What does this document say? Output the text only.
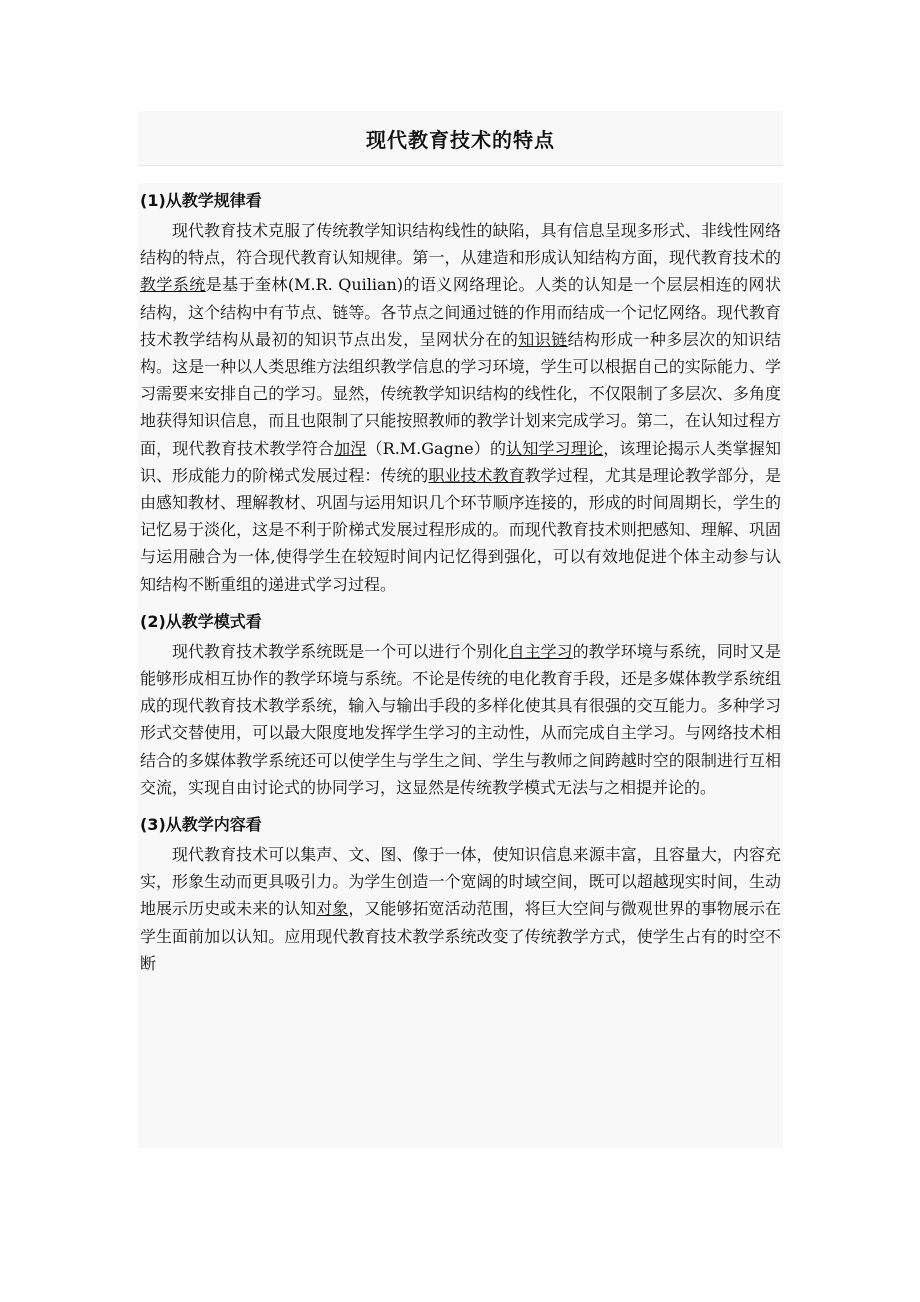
现代教育技术的特点
(1)从教学规律看

现代教育技术克服了传统教学知识结构线性的缺陷，具有信息呈现多形式、非线性网络结构的特点，符合现代教育认知规律。第一，从建造和形成认知结构方面，现代教育技术的教学系统是基于奎林(M.R. Quilian)的语义网络理论。人类的认知是一个层层相连的网状结构，这个结构中有节点、链等。各节点之间通过链的作用而结成一个记忆网络。现代教育技术教学结构从最初的知识节点出发，呈网状分在的知识链结构形成一种多层次的知识结构。这是一种以人类思维方法组织教学信息的学习环境，学生可以根据自己的实际能力、学习需要来安排自己的学习。显然，传统教学知识结构的线性化，不仅限制了多层次、多角度地获得知识信息，而且也限制了只能按照教师的教学计划来完成学习。第二，在认知过程方面，现代教育技术教学符合加涅（R.M.Gagne）的认知学习理论，该理论揭示人类掌握知识、形成能力的阶梯式发展过程：传统的职业技术教育教学过程，尤其是理论教学部分，是由感知教材、理解教材、巩固与运用知识几个环节顺序连接的，形成的时间周期长，学生的记忆易于淡化，这是不利于阶梯式发展过程形成的。而现代教育技术则把感知、理解、巩固与运用融合为一体,使得学生在较短时间内记忆得到强化，可以有效地促进个体主动参与认知结构不断重组的递进式学习过程。

(2)从教学模式看

现代教育技术教学系统既是一个可以进行个别化自主学习的教学环境与系统，同时又是能够形成相互协作的教学环境与系统。不论是传统的电化教育手段，还是多媒体教学系统组成的现代教育技术教学系统，输入与输出手段的多样化使其具有很强的交互能力。多种学习形式交替使用，可以最大限度地发挥学生学习的主动性，从而完成自主学习。与网络技术相结合的多媒体教学系统还可以使学生与学生之间、学生与教师之间跨越时空的限制进行互相交流，实现自由讨论式的协同学习，这显然是传统教学模式无法与之相提并论的。

(3)从教学内容看

现代教育技术可以集声、文、图、像于一体，使知识信息来源丰富，且容量大，内容充实，形象生动而更具吸引力。为学生创造一个宽阔的时域空间，既可以超越现实时间，生动地展示历史或未来的认知对象，又能够拓宽活动范围，将巨大空间与微观世界的事物展示在学生面前加以认知。应用现代教育技术教学系统改变了传统教学方式，使学生占有的时空不断
